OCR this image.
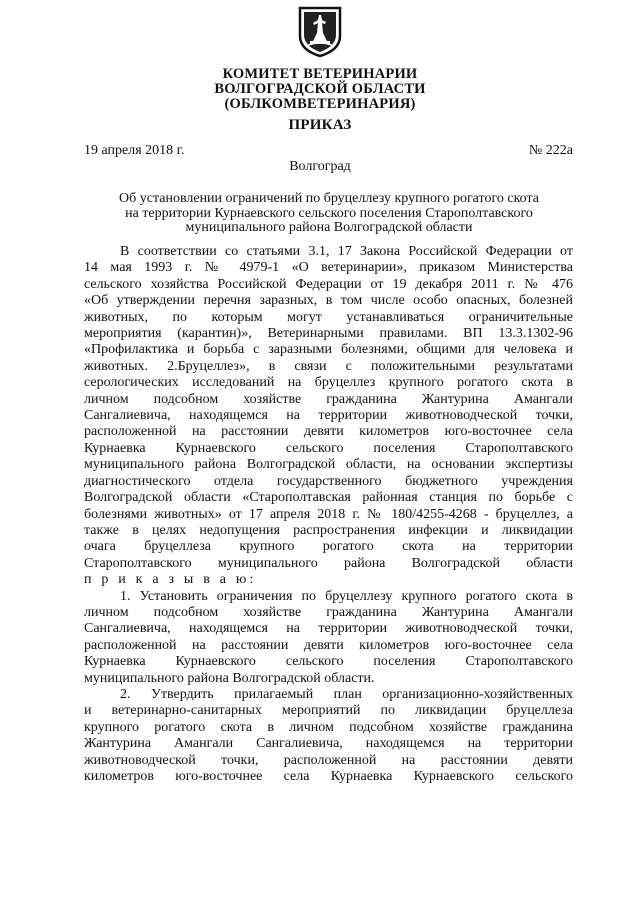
КОМИТЕТ ВЕТЕРИНАРИИ
ВОЛГОГРАДСКОЙ ОБЛАСТИ
(ОБЛКОМВЕТЕРИНАРИЯ)
ПРИКАЗ
19 апреля 2018 г.	№ 222а
Волгоград
Об установлении ограничений по бруцеллезу крупного рогатого скота
на территории Курнаевского сельского поселения Старополтавского
муниципального района Волгоградской области
В соответствии со статьями 3.1, 17 Закона Российской Федерации от
14 мая 1993 г. № 4979-1 «О ветеринарии», приказом Министерства
сельского хозяйства Российской Федерации от 19 декабря 2011 г. № 476
«Об утверждении перечня заразных, в том числе особо опасных, болезней
животных, по которым могут устанавливаться ограничительные
мероприятия (карантин)», Ветеринарными правилами. ВП 13.3.1302-96
«Профилактика и борьба с заразными болезнями, общими для человека и
животных. 2.Бруцеллез», в связи с положительными результатами
серологических исследований на бруцеллез крупного рогатого скота в
личном подсобном хозяйстве гражданина Жантурина Амангали
Сангалиевича, находящемся на территории животноводческой точки,
расположенной на расстоянии девяти километров юго-восточнее села
Курнаевка Курнаевского сельского поселения Старополтавского
муниципального района Волгоградской области, на основании экспертизы
диагностического отдела государственного бюджетного учреждения
Волгоградской области «Старополтавская районная станция по борьбе с
болезнями животных» от 17 апреля 2018 г. № 180/4255-4268 - бруцеллез, а
также в целях недопущения распространения инфекции и ликвидации
очага бруцеллеза крупного рогатого скота на территории
Старополтавского муниципального района Волгоградской области
п р и к а з ы в а ю:
1. Установить ограничения по бруцеллезу крупного рогатого скота в
личном подсобном хозяйстве гражданина Жантурина Амангали
Сангалиевича, находящемся на территории животноводческой точки,
расположенной на расстоянии девяти километров юго-восточнее села
Курнаевка Курнаевского сельского поселения Старополтавского
муниципального района Волгоградской области.
2. Утвердить прилагаемый план организационно-хозяйственных
и ветеринарно-санитарных мероприятий по ликвидации бруцеллеза
крупного рогатого скота в личном подсобном хозяйстве гражданина
Жантурина Амангали Сангалиевича, находящемся на территории
животноводческой точки, расположенной на расстоянии девяти
километров юго-восточнее села Курнаевка Курнаевского сельского
